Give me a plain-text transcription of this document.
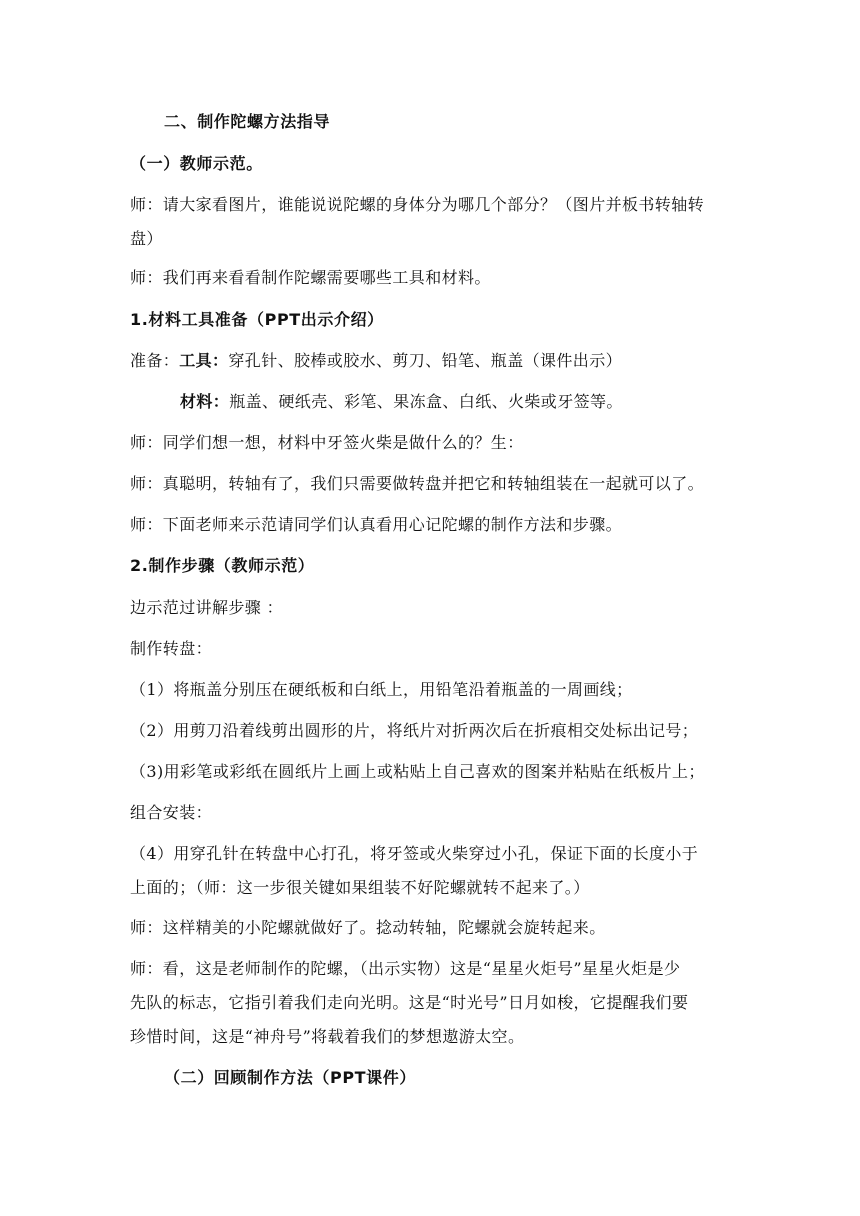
二、制作陀螺方法指导
（一）教师示范。
师：请大家看图片，谁能说说陀螺的身体分为哪几个部分？（图片并板书转轴转
盘）
师：我们再来看看制作陀螺需要哪些工具和材料。
1.材料工具准备（PPT出示介绍）
准备：工具：穿孔针、胶棒或胶水、剪刀、铅笔、瓶盖（课件出示）
材料：瓶盖、硬纸壳、彩笔、果冻盒、白纸、火柴或牙签等。
师：同学们想一想，材料中牙签火柴是做什么的？生：
师：真聪明，转轴有了，我们只需要做转盘并把它和转轴组装在一起就可以了。
师：下面老师来示范请同学们认真看用心记陀螺的制作方法和步骤。
2.制作步骤（教师示范）
边示范过讲解步骤 ：
制作转盘：
（1）将瓶盖分别压在硬纸板和白纸上，用铅笔沿着瓶盖的一周画线；
（2）用剪刀沿着线剪出圆形的片，将纸片对折两次后在折痕相交处标出记号；
（3)用彩笔或彩纸在圆纸片上画上或粘贴上自己喜欢的图案并粘贴在纸板片上；
组合安装：
（4）用穿孔针在转盘中心打孔，将牙签或火柴穿过小孔，保证下面的长度小于
上面的；（师：这一步很关键如果组装不好陀螺就转不起来了。）
师：这样精美的小陀螺就做好了。捻动转轴，陀螺就会旋转起来。
师：看，这是老师制作的陀螺，（出示实物）这是“星星火炬号”星星火炬是少
先队的标志，它指引着我们走向光明。这是“时光号”日月如梭，它提醒我们要
珍惜时间，这是“神舟号”将载着我们的梦想遨游太空。
（二）回顾制作方法（PPT课件）
